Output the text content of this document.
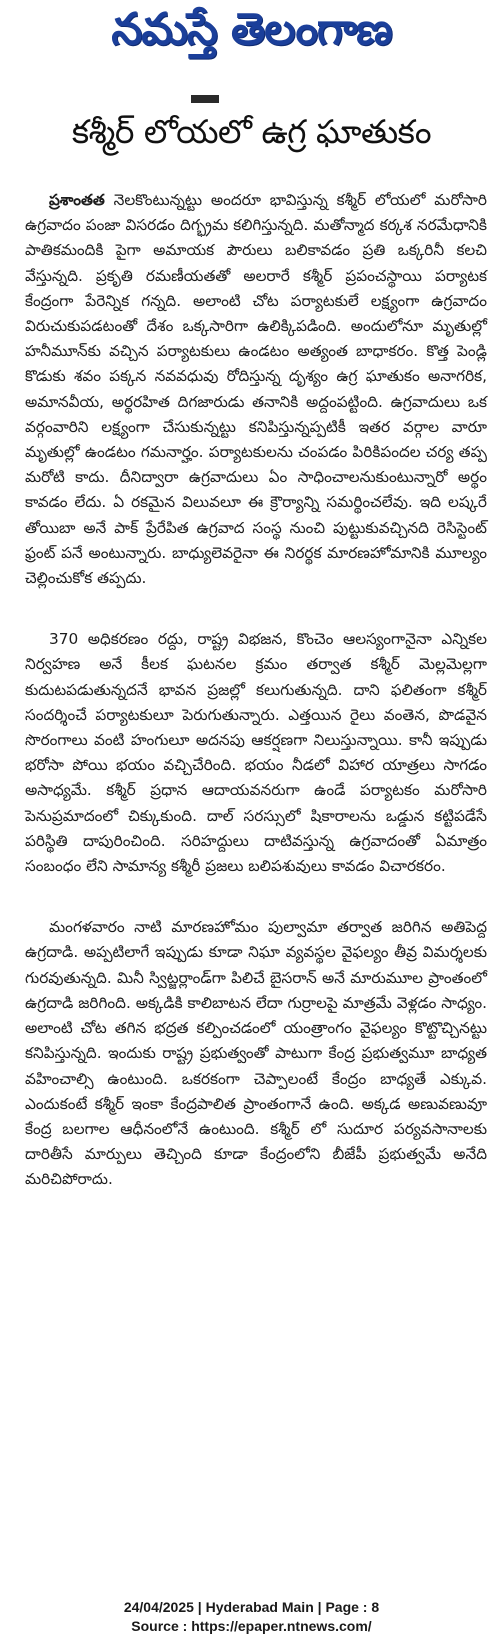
నమస్తే తెలంగాణ
కశ్మీర్ లోయలో ఉగ్ర ఘాతుకం

ప్రశాంతత నెలకొంటున్నట్టు అందరూ భావిస్తున్న కశ్మీర్ లోయలో మరోసారి ఉగ్రవాదం పంజా విసరడం దిగ్భ్రమ కలిగిస్తున్నది. మతోన్మాద కర్కశ నరమేధానికి పాతికమందికి పైగా అమాయక పౌరులు బలికావడం ప్రతి ఒక్కరినీ కలచి వేస్తున్నది. ప్రకృతి రమణీయతతో అలరారే కశ్మీర్ ప్రపంచస్థాయి పర్యాటక కేంద్రంగా పేరెన్నిక గన్నది. అలాంటి చోట పర్యాటకులే లక్ష్యంగా ఉగ్రవాదం విరుచుకుపడటంతో దేశం ఒక్కసారిగా ఉలిక్కిపడింది. అందులోనూ మృతుల్లో హనీమూన్‌కు వచ్చిన పర్యాటకులు ఉండటం అత్యంత బాధాకరం. కొత్త పెండ్లి కొడుకు శవం పక్కన నవవధువు రోదిస్తున్న దృశ్యం ఉగ్ర ఘాతుకం అనాగరిక, అమానవీయ, అర్థరహిత దిగజారుడు తనానికి అద్దంపట్టింది. ఉగ్రవాదులు ఒక వర్గంవారిని లక్ష్యంగా చేసుకున్నట్టు కనిపిస్తున్నప్పటికీ ఇతర వర్గాల వారూ మృతుల్లో ఉండటం గమనార్హం. పర్యాటకులను చంపడం పిరికిపందల చర్య తప్ప మరోటి కాదు. దీనిద్వారా ఉగ్రవాదులు ఏం సాధించాలనుకుంటున్నారో అర్థం కావడం లేదు. ఏ రకమైన విలువలూ ఈ క్రౌర్యాన్ని సమర్థించలేవు. ఇది లష్కరే తోయిబా అనే పాక్ ప్రేరేపిత ఉగ్రవాద సంస్థ నుంచి పుట్టుకువచ్చినది రెసిస్టెంట్ ఫ్రంట్ పనే అంటున్నారు. బాధ్యులెవరైనా ఈ నిరర్థక మారణహోమానికి మూల్యం చెల్లించుకోక తప్పదు.

370 అధికరణం రద్దు, రాష్ట్ర విభజన, కొంచెం ఆలస్యంగానైనా ఎన్నికల నిర్వహణ అనే కీలక ఘటనల క్రమం తర్వాత కశ్మీర్ మెల్లమెల్లగా కుదుటపడుతున్నదనే భావన ప్రజల్లో కలుగుతున్నది. దాని ఫలితంగా కశ్మీర్ సందర్శించే పర్యాటకులూ పెరుగుతున్నారు. ఎత్తయిన రైలు వంతెన, పొడవైన సొరంగాలు వంటి హంగులూ అదనపు ఆకర్షణగా నిలుస్తున్నాయి. కానీ ఇప్పుడు భరోసా పోయి భయం వచ్చిచేరింది. భయం నీడలో విహార యాత్రలు సాగడం అసాధ్యమే. కశ్మీర్ ప్రధాన ఆదాయవనరుగా ఉండే పర్యాటకం మరోసారి పెనుప్రమాదంలో చిక్కుకుంది. దాల్ సరస్సులో షికారాలను ఒడ్డున కట్టిపడేసే పరిస్థితి దాపురించింది. సరిహద్దులు దాటివస్తున్న ఉగ్రవాదంతో ఏమాత్రం సంబంధం లేని సామాన్య కశ్మీరీ ప్రజలు బలిపశువులు కావడం విచారకరం.

మంగళవారం నాటి మారణహోమం పుల్వామా తర్వాత జరిగిన అతిపెద్ద ఉగ్రదాడి. అప్పటిలాగే ఇప్పుడు కూడా నిఘా వ్యవస్థల వైఫల్యం తీవ్ర విమర్శలకు గురవుతున్నది. మినీ స్విట్జర్లాండ్‌గా పిలిచే బైసరాన్ అనే మారుమూల ప్రాంతంలో ఉగ్రదాడి జరిగింది. అక్కడికి కాలిబాటన లేదా గుర్రాలపై మాత్రమే వెళ్లడం సాధ్యం. అలాంటి చోట తగిన భద్రత కల్పించడంలో యంత్రాంగం వైఫల్యం కొట్టొచ్చినట్టు కనిపిస్తున్నది. ఇందుకు రాష్ట్ర ప్రభుత్వంతో పాటుగా కేంద్ర ప్రభుత్వమూ బాధ్యత వహించాల్సి ఉంటుంది. ఒకరకంగా చెప్పాలంటే కేంద్రం బాధ్యతే ఎక్కువ. ఎందుకంటే కశ్మీర్ ఇంకా కేంద్రపాలిత ప్రాంతంగానే ఉంది. అక్కడ అణువణువూ కేంద్ర బలగాల ఆధీనంలోనే ఉంటుంది. కశ్మీర్ లో సుదూర పర్యవసానాలకు దారితీసే మార్పులు తెచ్చింది కూడా కేంద్రంలోని బీజేపీ ప్రభుత్వమే అనేది మరిచిపోరాదు.

24/04/2025 | Hyderabad Main | Page : 8
Source : https://epaper.ntnews.com/
